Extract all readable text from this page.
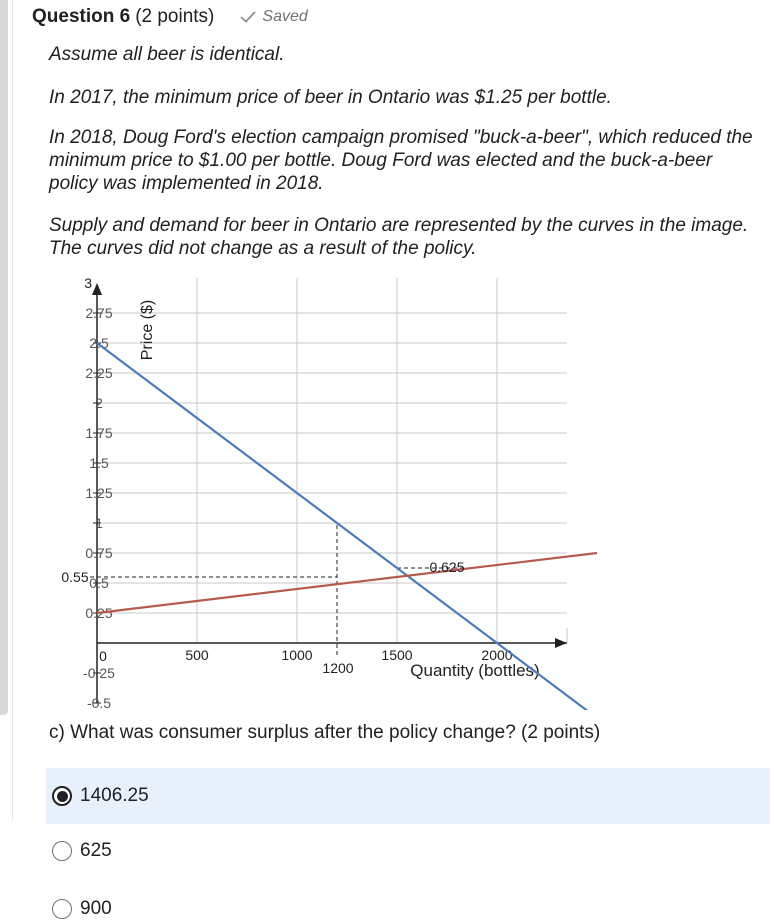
Question 6 (2 points)	Saved
Assume all beer is identical.
In 2017, the minimum price of beer in Ontario was $1.25 per bottle.
In 2018, Doug Ford's election campaign promised "buck-a-beer", which reduced the minimum price to $1.00 per bottle. Doug Ford was elected and the buck-a-beer policy was implemented in 2018.
Supply and demand for beer in Ontario are represented by the curves in the image. The curves did not change as a result of the policy.
3
2.75
2.5
2.25
2
1.75
1.5
1.25
1
0.75
0.5
0.25
0
-0.25
-0.5
500	1000	1500	2000
Price ($)
Quantity (bottles)
0.55
0.625
1200
c) What was consumer surplus after the policy change? (2 points)
1406.25
625
900
